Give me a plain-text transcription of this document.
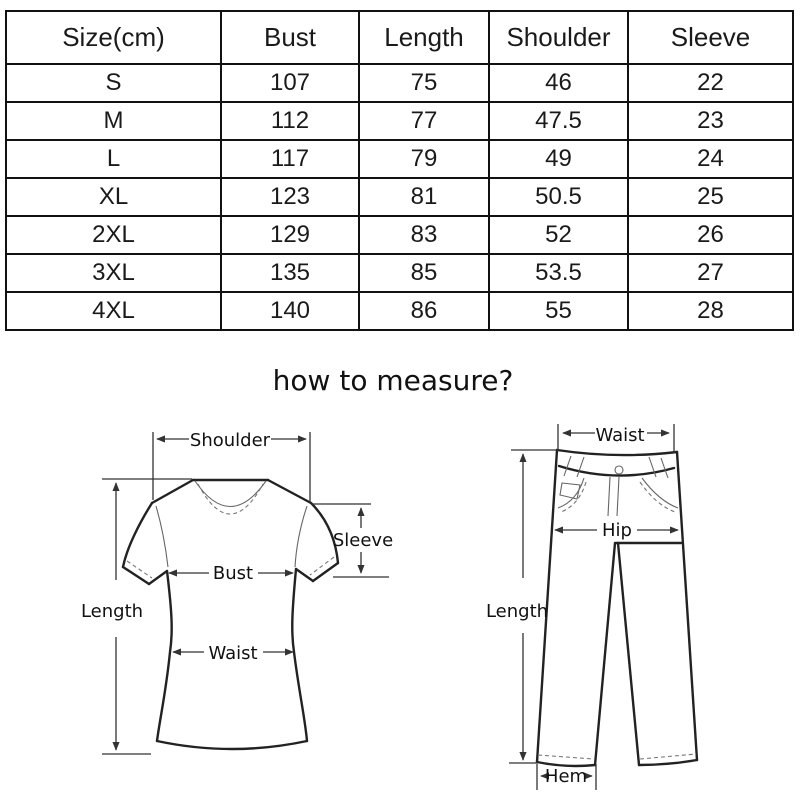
Size(cm)	Bust	Length	Shoulder	Sleeve
S	107	75	46	22
M	112	77	47.5	23
L	117	79	49	24
XL	123	81	50.5	25
2XL	129	83	52	26
3XL	135	85	53.5	27
4XL	140	86	55	28
how to measure?
Shoulder
Length
Sleeve
Bust
Waist
Waist
Hip
Length
Hem
